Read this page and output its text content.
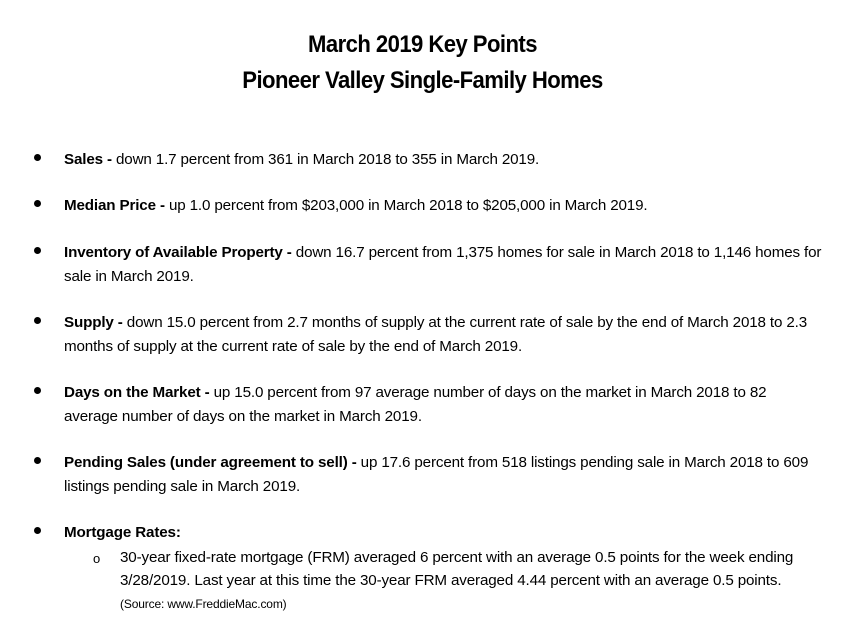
March 2019 Key Points
Pioneer Valley Single-Family Homes
Sales - down 1.7 percent from 361 in March 2018 to 355 in March 2019.
Median Price - up 1.0 percent from $203,000 in March 2018 to $205,000 in March 2019.
Inventory of Available Property - down 16.7 percent from 1,375 homes for sale in March 2018 to 1,146 homes for sale in March 2019.
Supply - down 15.0 percent from 2.7 months of supply at the current rate of sale by the end of March 2018 to 2.3 months of supply at the current rate of sale by the end of March 2019.
Days on the Market - up 15.0 percent from 97 average number of days on the market in March 2018 to 82 average number of days on the market in March 2019.
Pending Sales (under agreement to sell) - up 17.6 percent from 518 listings pending sale in March 2018 to 609 listings pending sale in March 2019.
Mortgage Rates:
o 30-year fixed-rate mortgage (FRM) averaged 6 percent with an average 0.5 points for the week ending 3/28/2019. Last year at this time the 30-year FRM averaged 4.44 percent with an average 0.5 points. (Source: www.FreddieMac.com)
